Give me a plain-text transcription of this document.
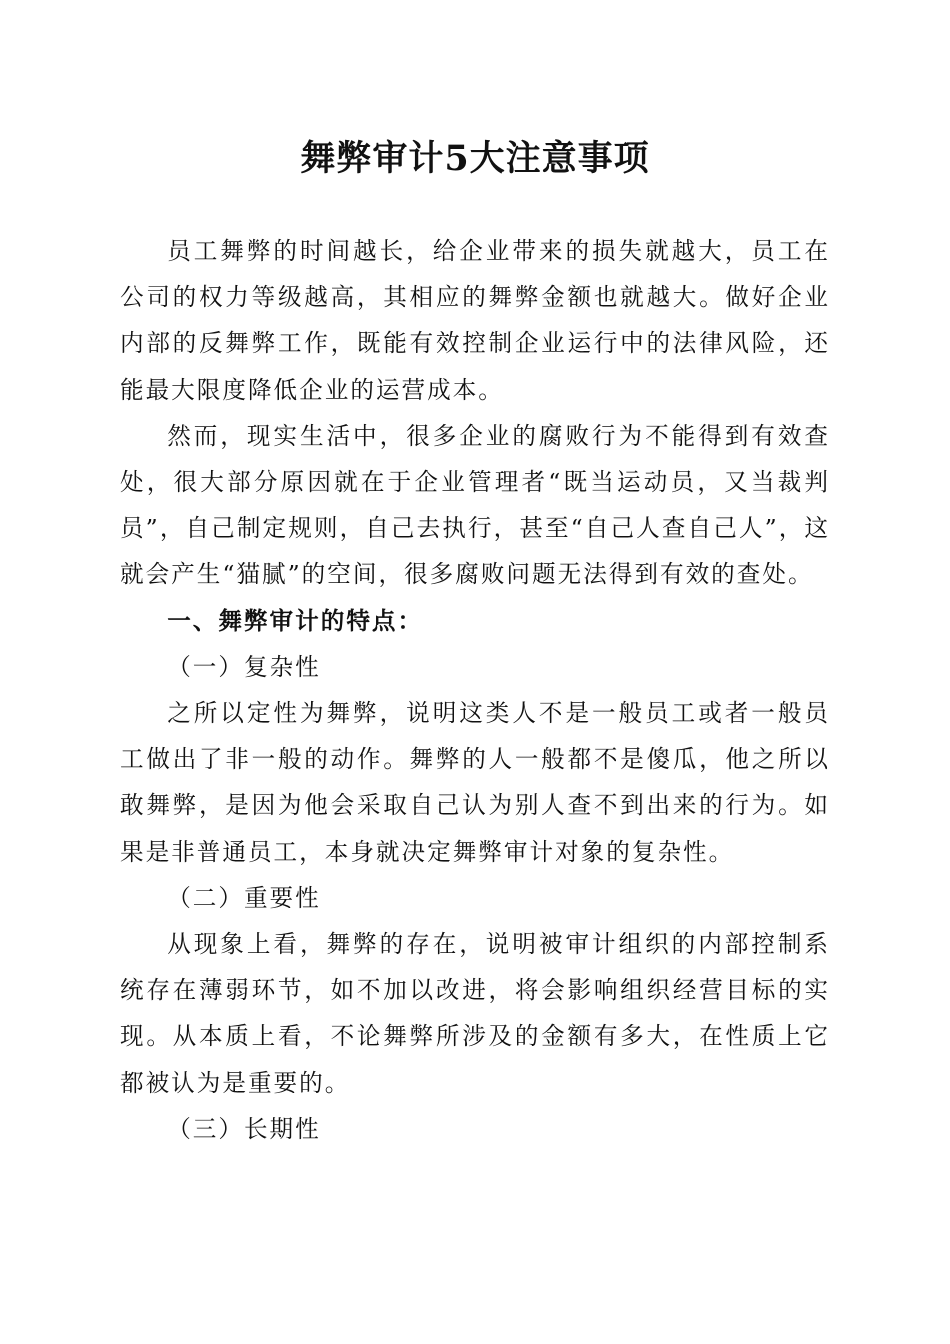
舞弊审计5大注意事项

员工舞弊的时间越长，给企业带来的损失就越大，员工在公司的权力等级越高，其相应的舞弊金额也就越大。做好企业内部的反舞弊工作，既能有效控制企业运行中的法律风险，还能最大限度降低企业的运营成本。

然而，现实生活中，很多企业的腐败行为不能得到有效查处，很大部分原因就在于企业管理者“既当运动员，又当裁判员”，自己制定规则，自己去执行，甚至“自己人查自己人”，这就会产生“猫腻”的空间，很多腐败问题无法得到有效的查处。

一、舞弊审计的特点：

（一）复杂性

之所以定性为舞弊，说明这类人不是一般员工或者一般员工做出了非一般的动作。舞弊的人一般都不是傻瓜，他之所以敢舞弊，是因为他会采取自己认为别人查不到出来的行为。如果是非普通员工，本身就决定舞弊审计对象的复杂性。

（二）重要性

从现象上看，舞弊的存在，说明被审计组织的内部控制系统存在薄弱环节，如不加以改进，将会影响组织经营目标的实现。从本质上看，不论舞弊所涉及的金额有多大，在性质上它都被认为是重要的。

（三）长期性
